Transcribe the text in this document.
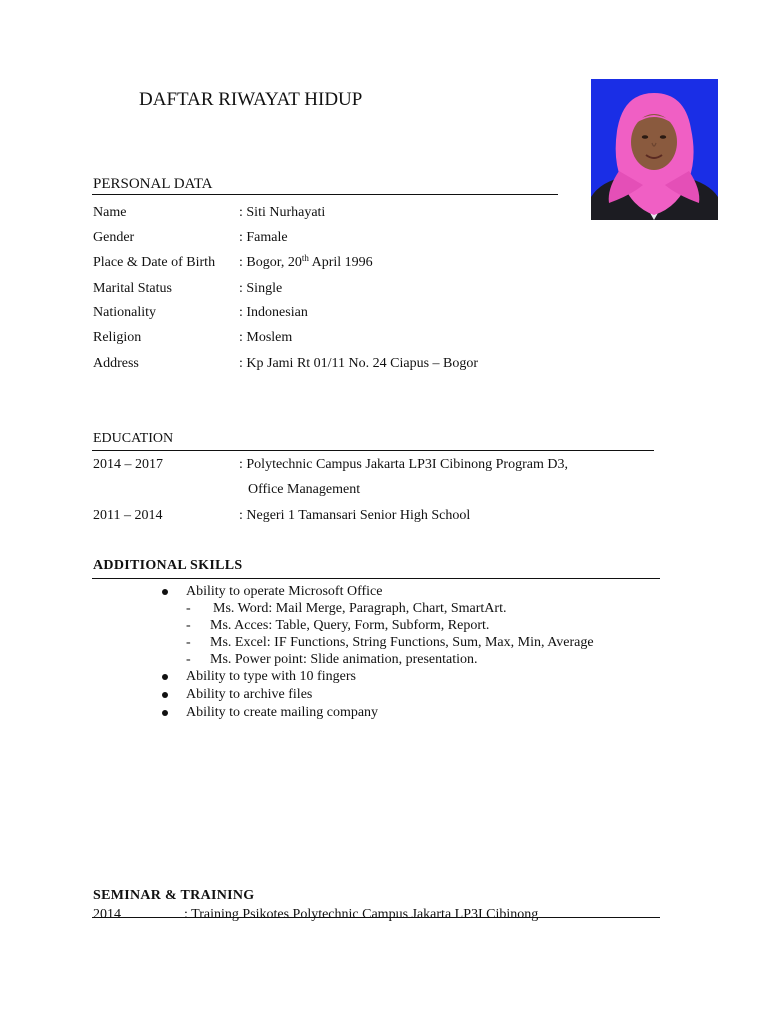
DAFTAR RIWAYAT HIDUP
PERSONAL DATA
Name	: Siti Nurhayati
Gender	: Famale
Place & Date of Birth : Bogor, 20th April 1996
Marital Status	: Single
Nationality	: Indonesian
Religion	: Moslem
Address	: Kp Jami Rt 01/11 No. 24 Ciapus – Bogor
EDUCATION
2014 – 2017	: Polytechnic Campus Jakarta LP3I Cibinong Program D3,
Office Management
2011 – 2014	: Negeri 1 Tamansari Senior High School
ADDITIONAL SKILLS
Ability to operate Microsoft Office
- Ms. Word: Mail Merge, Paragraph, Chart, SmartArt.
- Ms. Acces: Table, Query, Form, Subform, Report.
- Ms. Excel: IF Functions, String Functions, Sum, Max, Min, Average
- Ms. Power point: Slide animation, presentation.
Ability to type with 10 fingers
Ability to archive files
Ability to create mailing company
SEMINAR & TRAINING
2014	: Training Psikotes Polytechnic Campus Jakarta LP3I Cibinong
